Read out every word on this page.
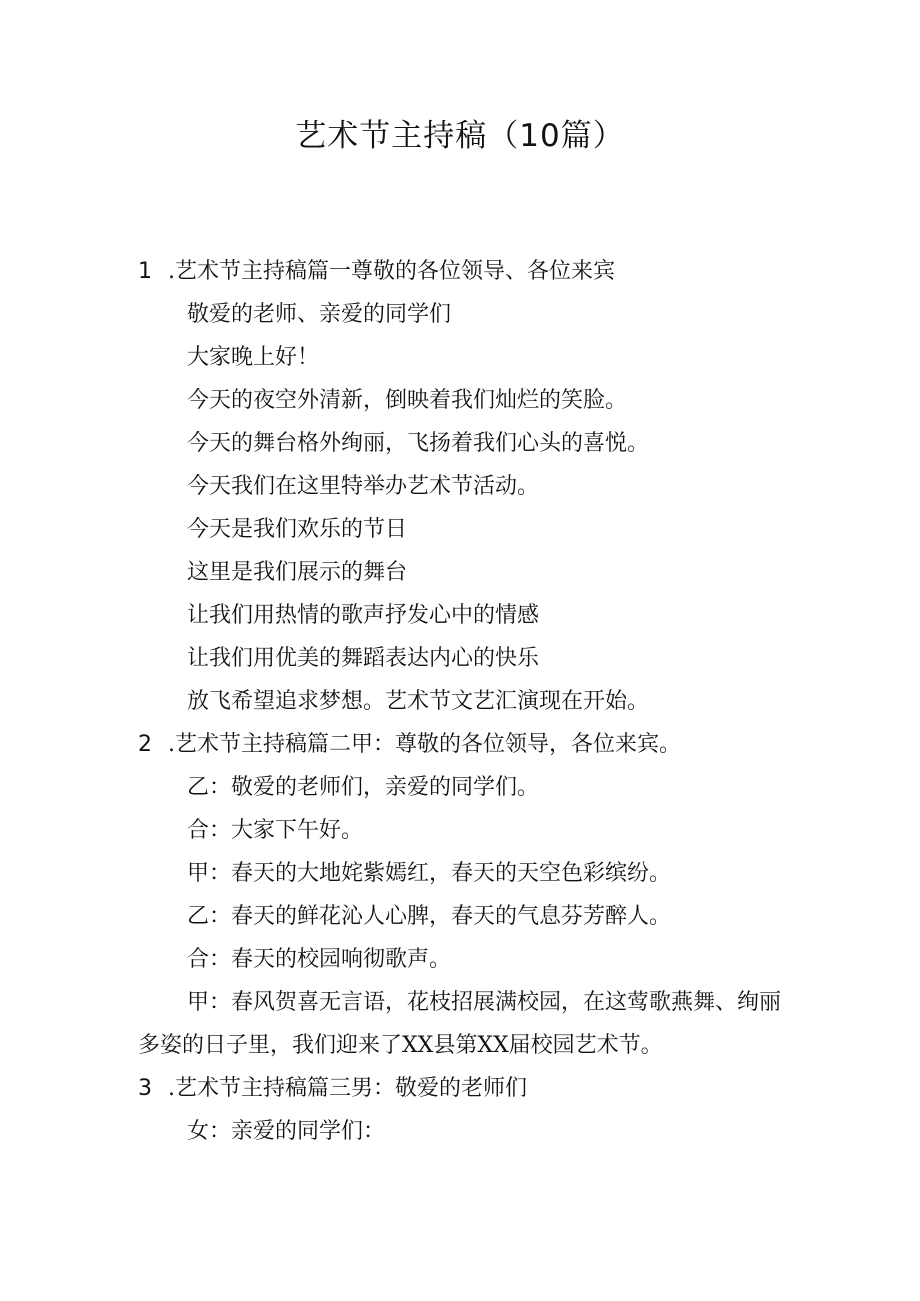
艺术节主持稿（10篇）
1 .艺术节主持稿篇一尊敬的各位领导、各位来宾
敬爱的老师、亲爱的同学们
大家晚上好！
今天的夜空外清新，倒映着我们灿烂的笑脸。
今天的舞台格外绚丽，飞扬着我们心头的喜悦。
今天我们在这里特举办艺术节活动。
今天是我们欢乐的节日
这里是我们展示的舞台
让我们用热情的歌声抒发心中的情感
让我们用优美的舞蹈表达内心的快乐
放飞希望追求梦想。艺术节文艺汇演现在开始。
2 .艺术节主持稿篇二甲：尊敬的各位领导，各位来宾。
乙：敬爱的老师们，亲爱的同学们。
合：大家下午好。
甲：春天的大地姹紫嫣红，春天的天空色彩缤纷。
乙：春天的鲜花沁人心脾，春天的气息芬芳醉人。
合：春天的校园响彻歌声。
甲：春风贺喜无言语，花枝招展满校园，在这莺歌燕舞、绚丽多姿的日子里，我们迎来了XX县第XX届校园艺术节。
3 .艺术节主持稿篇三男：敬爱的老师们
女：亲爱的同学们：
